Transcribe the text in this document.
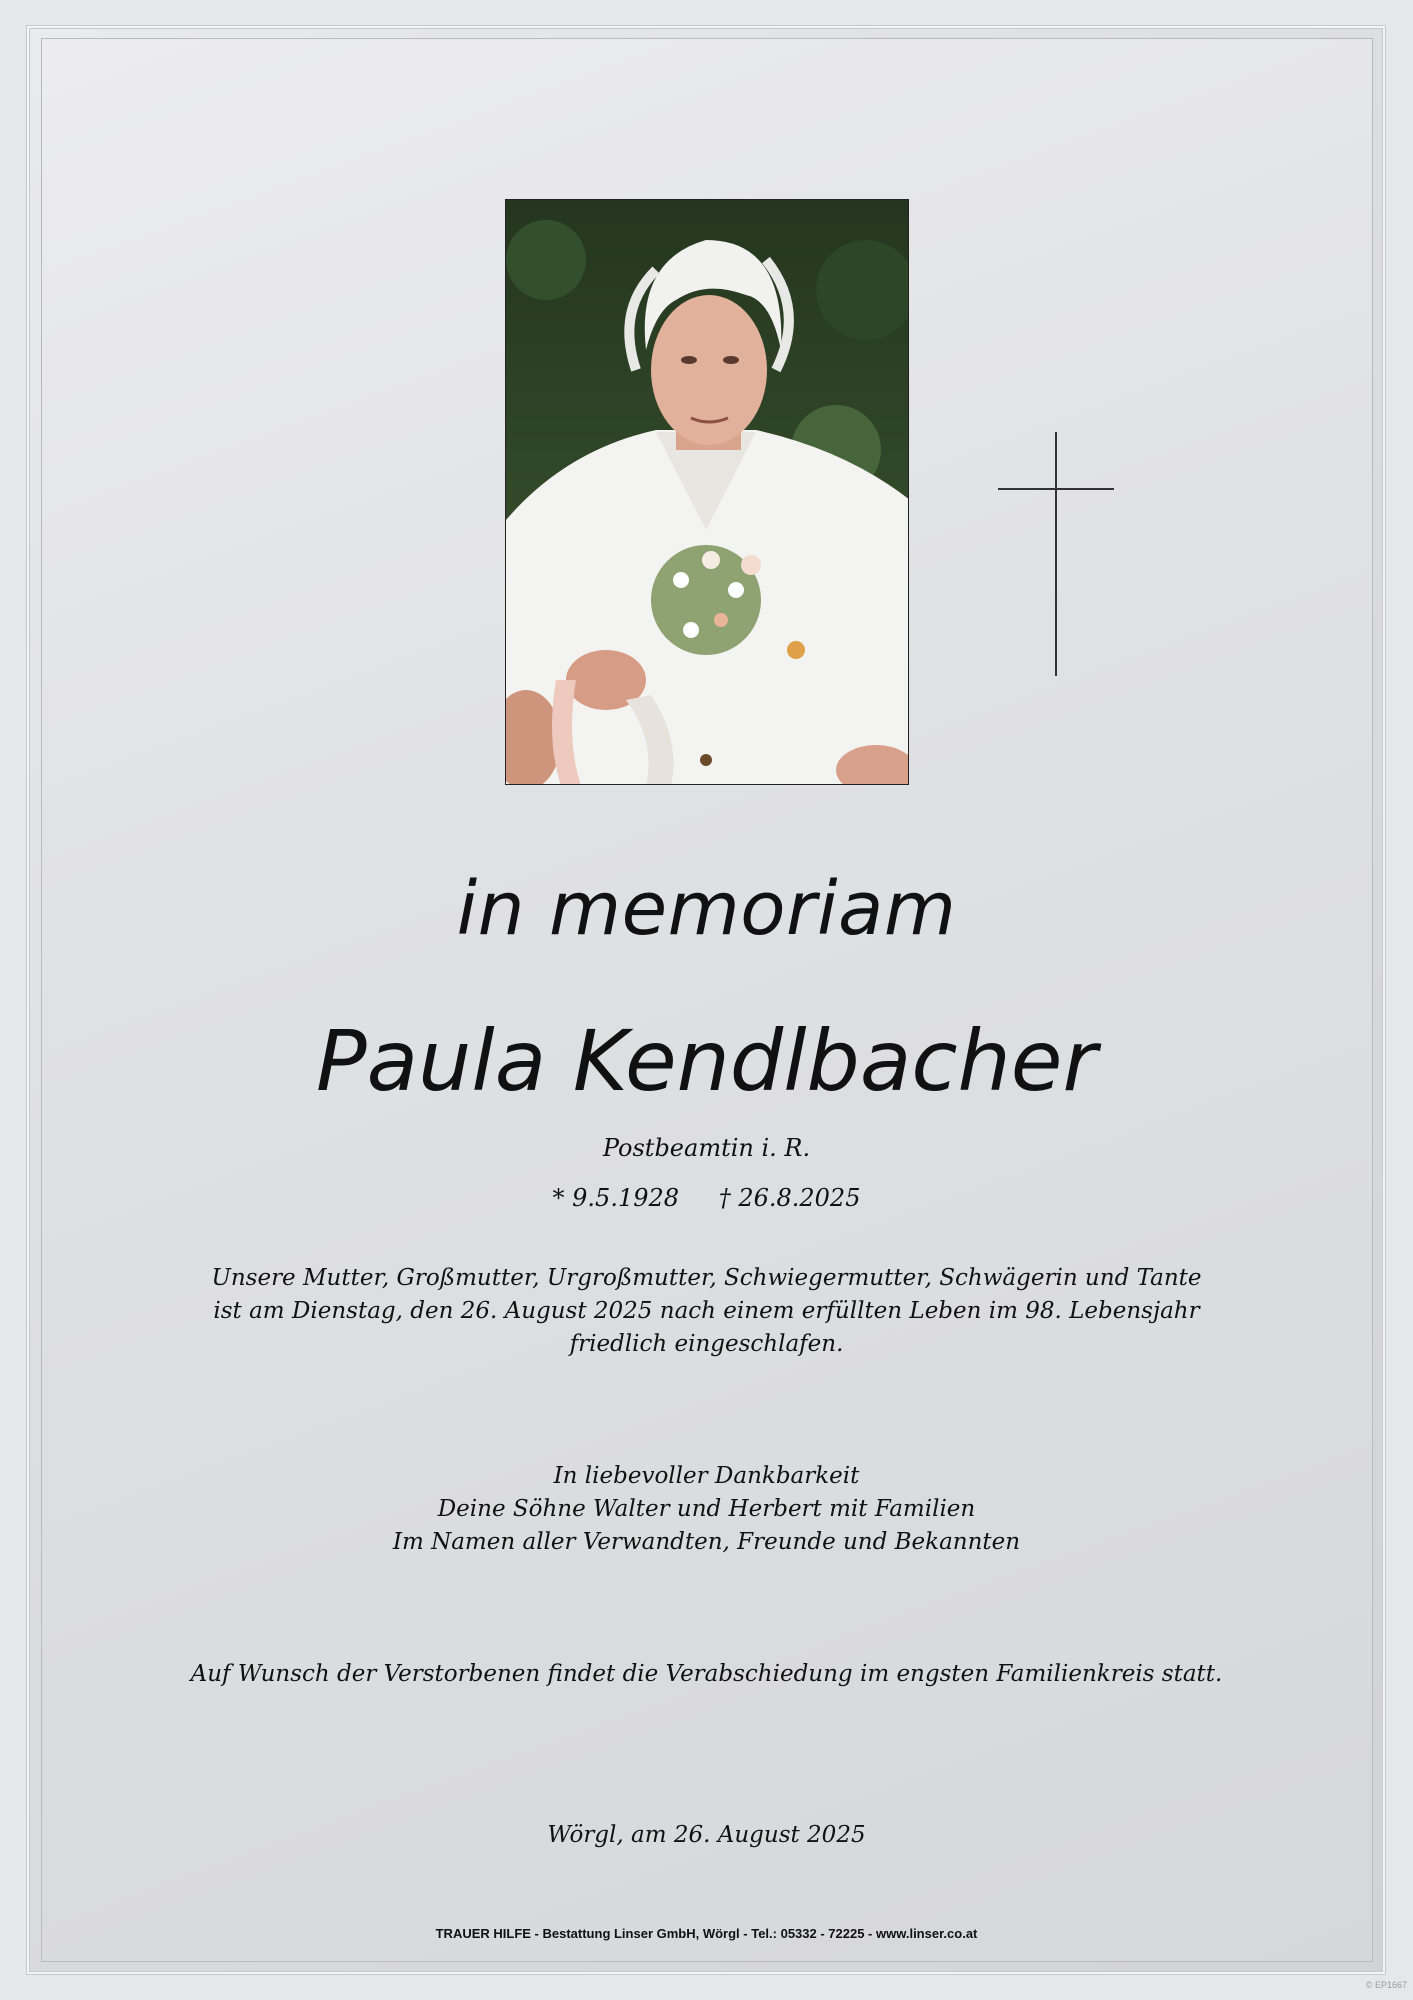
in memoriam
Paula Kendlbacher
Postbeamtin i. R.
* 9.5.1928 † 26.8.2025
Unsere Mutter, Großmutter, Urgroßmutter, Schwiegermutter, Schwägerin und Tante
ist am Dienstag, den 26. August 2025 nach einem erfüllten Leben im 98. Lebensjahr
friedlich eingeschlafen.
In liebevoller Dankbarkeit
Deine Söhne Walter und Herbert mit Familien
Im Namen aller Verwandten, Freunde und Bekannten
Auf Wunsch der Verstorbenen findet die Verabschiedung im engsten Familienkreis statt.
Wörgl, am 26. August 2025
TRAUER HILFE - Bestattung Linser GmbH, Wörgl - Tel.: 05332 - 72225 - www.linser.co.at
© EP1667
